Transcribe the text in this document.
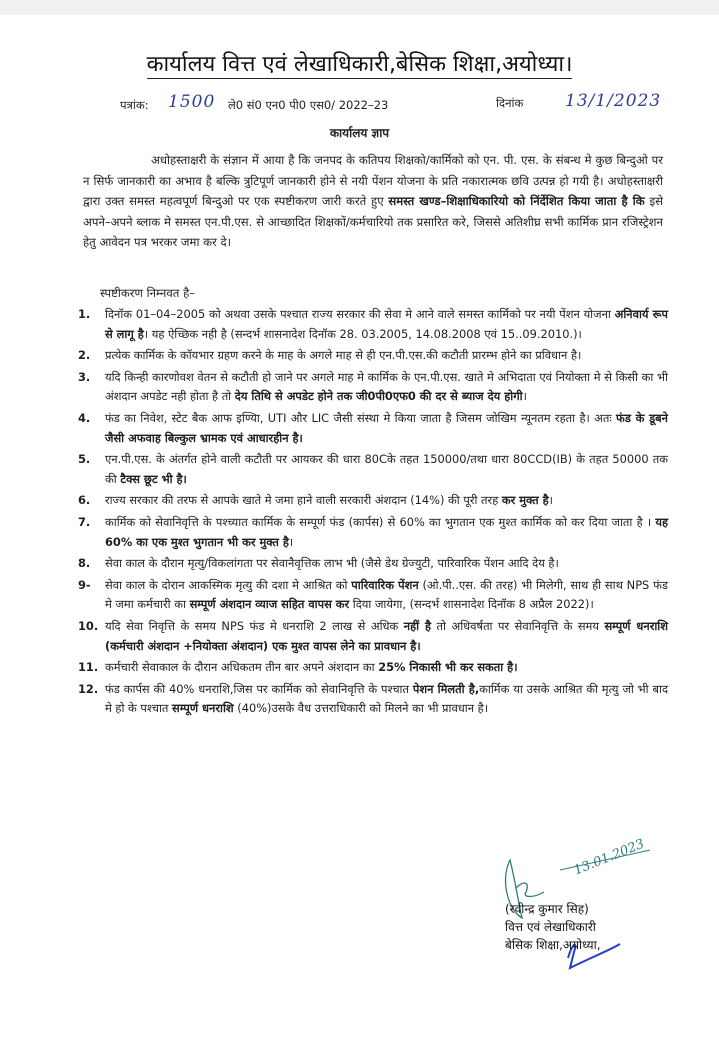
कार्यालय वित्त एवं लेखाधिकारी,बेसिक शिक्षा,अयोध्या।
पत्रांक: 1500 ले0 सं0 एन0 पी0 एस0/ 2022–23	दिनांक 13/1/2023
कार्यालय ज्ञाप
अधोहस्ताक्षरी के संज्ञान में आया है कि जनपद के कतिपय शिक्षको/कार्मिको को एन. पी. एस. के संबन्ध मे कुछ बिन्दुओ पर न सिर्फ जानकारी का अभाव है बल्कि त्रुटिपूर्ण जानकारी होने से नयी पेंशन योजना के प्रति नकारात्मक छवि उत्पन्न हो गयी है। अधोहस्ताक्षरी द्वारा उक्त समस्त महत्वपूर्ण बिन्दुओ पर एक स्पष्टीकरण जारी करते हुए समस्त खण्ड–शिक्षाधिकारियो को निंर्देशित किया जाता है कि इसे अपने–अपने ब्लाक मे समस्त एन.पी.एस. से आच्छादित शिक्षकों/कर्मचारियो तक प्रसारित करे, जिससे अतिशीघ्र सभी कार्मिक प्रान रजिस्ट्रेशन हेतु आवेदन पत्र भरकर जमा कर दे।
स्पष्टीकरण निम्नवत है–
1. दिनॉक 01–04–2005 को अथवा उसके पश्चात राज्य सरकार की सेवा मे आने वाले समस्त कार्मिको पर नयी पेंशन योजना अनिवार्य रूप से लागू है। यह ऐच्छिक नही है (सन्दर्भ शासनादेश दिनॉक 28. 03.2005, 14.08.2008 एवं 15..09.2010.)।
2. प्रत्येक कार्मिक के कॉयभार ग्रहण करने के माह के अगले माह से ही एन.पी.एस.की कटौती प्रारम्भ होने का प्रविधान है।
3. यदि किन्ही कारणोवश वेतन से कटौती हो जाने पर अगले माह मे कार्मिक के एन.पी.एस. खाते मे अभिदाता एवं नियोक्ता मे से किसी का भी अंशदान अपडेट नही होता है तो देय तिथि से अपडेट होने तक जी0पी0एफ0 की दर से ब्याज देय होगी।
4. फंड का निवेश, स्टेट बैक आफ इण्यिा, UTI और LIC जैसी संस्था मे किया जाता है जिसम जोखिम न्यूनतम रहता है। अतः फंड के डूबने जैसी अफवाह बिल्कुल भ्रामक एवं आधारहीन है।
5. एन.पी.एस. के अंतर्गत होने वाली कटौती पर आयकर की धारा 80Cके तहत 150000/तथा धारा 80CCD(IB) के तहत 50000 तक की टैक्स छूट भी है।
6. राज्य सरकार की तरफ से आपके खाते मे जमा हाने वाली सरकारी अंशदान (14%) की पूरी तरह कर मुक्त है।
7. कार्मिक को सेवानिवृत्ति के पश्च्यात कार्मिक के सम्पूर्ण फंड (कार्पस) से 60% का भुगतान एक मुश्त कार्मिक को कर दिया जाता है । यह 60% का एक मुश्त भुगतान भी कर मुक्त है।
8. सेवा काल के दौरान मृत्यु/विकलांगता पर सेवानैवृत्तिक लाभ भी (जैसे डेथ ग्रेज्युटी, पारिवारिक पेंशन आदि देय है।
9- सेवा काल के दोरान आकस्मिक मृत्यु की दशा मे आश्रित को पारिवारिक पेंशन (ओ.पी..एस. की तरह) भी मिलेगी, साथ ही साथ NPS फंड मे जमा कर्मचारी का सम्पूर्ण अंशदान व्याज सहित वापस कर दिया जायेगा, (सन्दर्भ शासनादेश दिनॉक 8 अप्रैल 2022)।
10. यदि सेवा निवृत्ति के समय NPS फंड मे धनराशि 2 लाख से अधिक नहीं है तो अधिवर्षता पर सेवानिवृत्ति के समय सम्पूर्ण धनराशि (कर्मचारी अंशदान +नियोक्ता अंशदान) एक मुश्त वापस लेने का प्रावधान है।
11. कर्मचारी सेवाकाल के दौरान अधिकतम तीन बार अपने अंशदान का 25% निकासी भी कर सकता है।
12. फंड कार्पस की 40% धनराशि,जिस पर कार्मिक को सेवानिवृत्ति के पश्चात पेशन मिलती है,कार्मिक या उसके आश्रित की मृत्यु जो भी बाद मे हो के पश्चात सम्पूर्ण धनराशि (40%)उसके वैध उत्तराधिकारी को मिलने का भी प्रावधान है।
13.01.2023
(रवीन्द्र कुमार सिह)
वित्त एवं लेखाधिकारी
बेसिक शिक्षा,अयोध्या,
